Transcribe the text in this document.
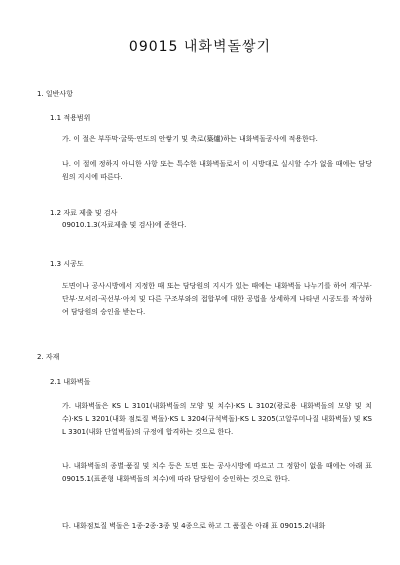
09015 내화벽돌쌓기
1. 일반사항
1.1 적용범위
가. 이 절은 부뚜막·굴뚝·연도의 안쌓기 및 축로(築爐)하는 내화벽돌공사에 적용한다.
나. 이 절에 정하지 아니한 사항 또는 특수한 내화벽돌로서 이 시방대로 실시할 수가 없을 때에는 담당원의 지시에 따른다.
1.2 자료 제출 및 검사
09010.1.3(자료제출 및 검사)에 준한다.
1.3 시공도
도면이나 공사시방에서 지정한 때 또는 담당원의 지시가 있는 때에는 내화벽돌 나누기를 하여 계구부·단부·모서리·곡선부·아치 및 다른 구조부와의 접합부에 대한 공법을 상세하게 나타낸 시공도를 작성하여 담당원의 승인을 받는다.
2. 자재
2.1 내화벽돌
가. 내화벽돌은 KS L 3101(내화벽돌의 모양 및 치수)·KS L 3102(광로용 내화벽돌의 모양 및 치수)·KS L 3201(내화 점토질 벽돌)·KS L 3204(규석벽돌)·KS L 3205(고알루미나질 내화벽돌) 및 KS L 3301(내화 단열벽돌)의 규정에 합격하는 것으로 한다.
나. 내화벽돌의 종별·품질 및 치수 등은 도면 또는 공사시방에 따르고 그 정함이 없을 때에는 아래 표 09015.1(표준형 내화벽돌의 치수)에 따라 담당원이 승인하는 것으로 한다.
다. 내화점토질 벽돌은 1종·2종·3종 및 4종으로 하고 그 품질은 아래 표 09015.2(내화
